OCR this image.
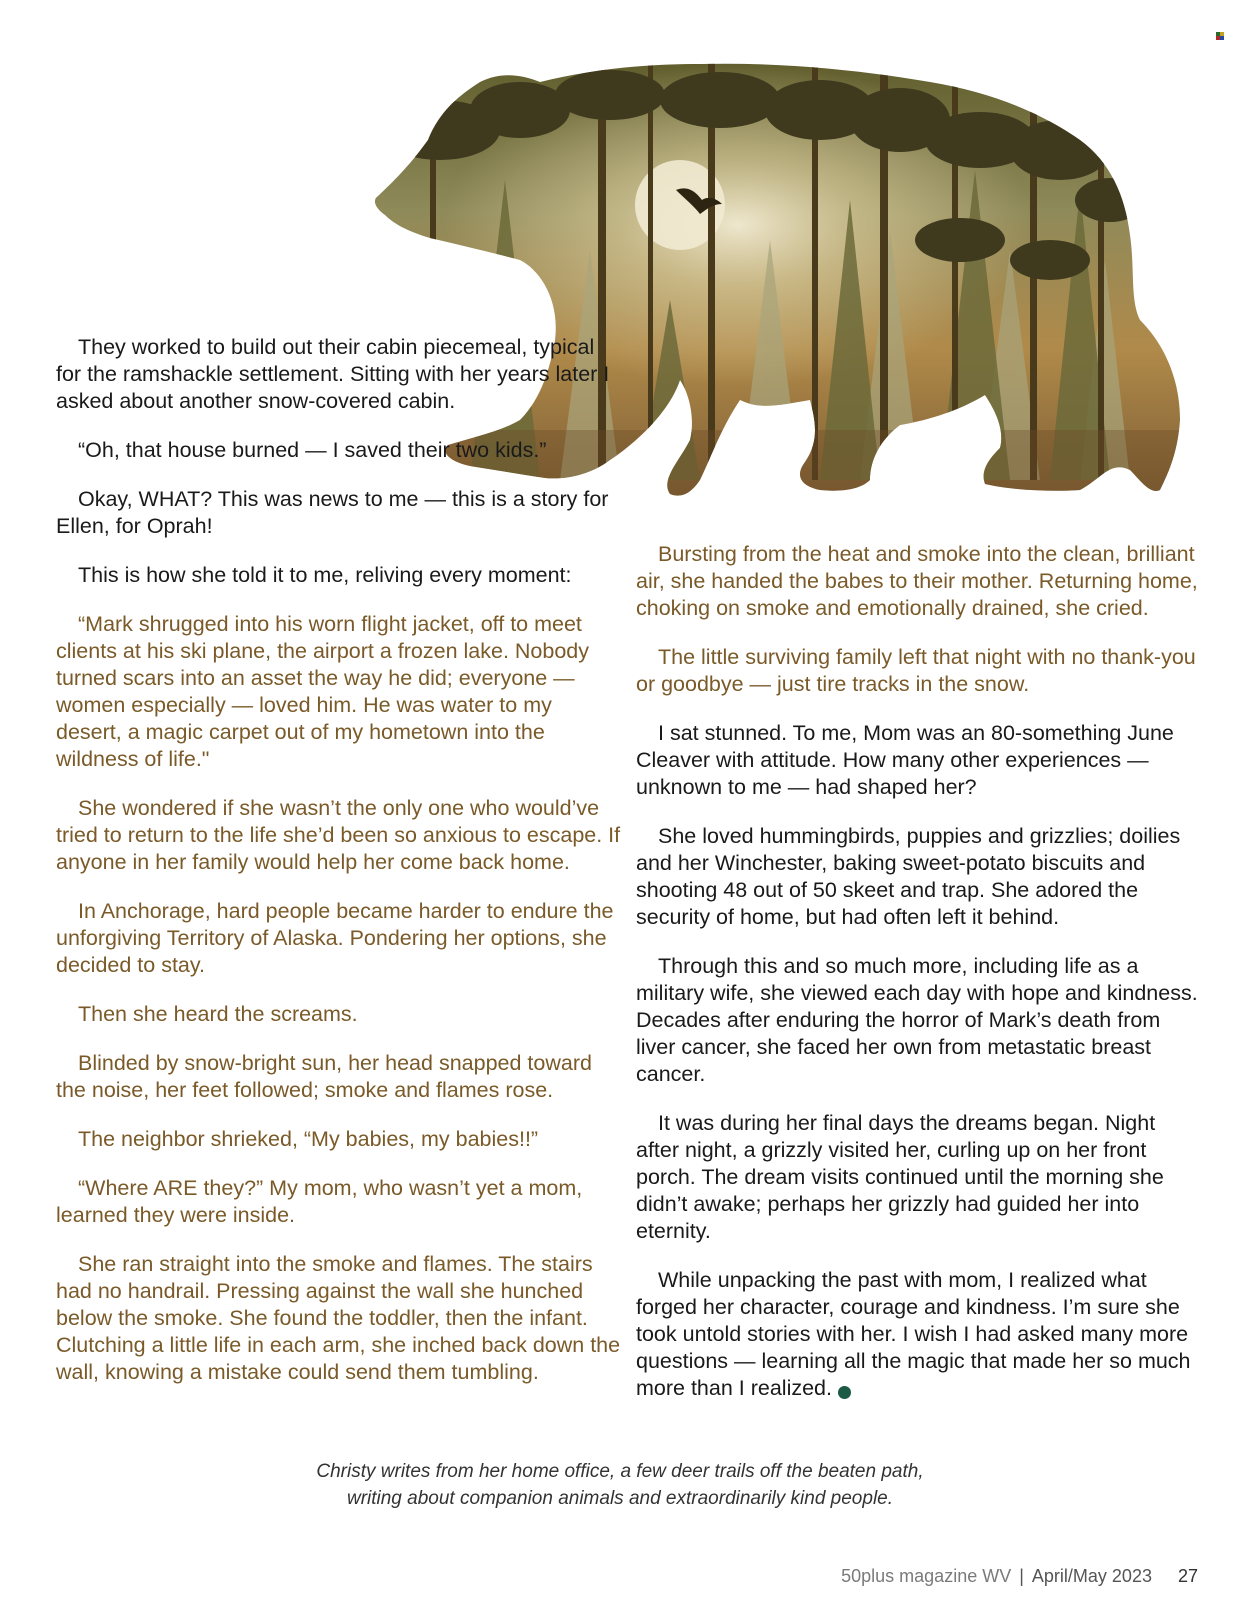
They worked to build out their cabin piecemeal, typical for the ramshackle settlement. Sitting with her years later I asked about another snow-covered cabin.

“Oh, that house burned — I saved their two kids.”

Okay, WHAT? This was news to me — this is a story for Ellen, for Oprah!

This is how she told it to me, reliving every moment:

“Mark shrugged into his worn flight jacket, off to meet clients at his ski plane, the airport a frozen lake. Nobody turned scars into an asset the way he did; everyone — women especially — loved him. He was water to my desert, a magic carpet out of my hometown into the wildness of life."

She wondered if she wasn’t the only one who would’ve tried to return to the life she’d been so anxious to escape. If anyone in her family would help her come back home.

In Anchorage, hard people became harder to endure the unforgiving Territory of Alaska. Pondering her options, she decided to stay.

Then she heard the screams.

Blinded by snow-bright sun, her head snapped toward the noise, her feet followed; smoke and flames rose.

The neighbor shrieked, “My babies, my babies!!”

“Where ARE they?” My mom, who wasn’t yet a mom, learned they were inside.

She ran straight into the smoke and flames. The stairs had no handrail. Pressing against the wall she hunched below the smoke. She found the toddler, then the infant. Clutching a little life in each arm, she inched back down the wall, knowing a mistake could send them tumbling.

Bursting from the heat and smoke into the clean, brilliant air, she handed the babes to their mother. Returning home, choking on smoke and emotionally drained, she cried.

The little surviving family left that night with no thank-you or goodbye — just tire tracks in the snow.

I sat stunned. To me, Mom was an 80-something June Cleaver with attitude. How many other experiences — unknown to me — had shaped her?

She loved hummingbirds, puppies and grizzlies; doilies and her Winchester, baking sweet-potato biscuits and shooting 48 out of 50 skeet and trap. She adored the security of home, but had often left it behind.

Through this and so much more, including life as a military wife, she viewed each day with hope and kindness. Decades after enduring the horror of Mark’s death from liver cancer, she faced her own from metastatic breast cancer.

It was during her final days the dreams began. Night after night, a grizzly visited her, curling up on her front porch. The dream visits continued until the morning she didn’t awake; perhaps her grizzly had guided her into eternity.

While unpacking the past with mom, I realized what forged her character, courage and kindness. I’m sure she took untold stories with her. I wish I had asked many more questions — learning all the magic that made her so much more than I realized.

Christy writes from her home office, a few deer trails off the beaten path,

writing about companion animals and extraordinarily kind people.

50plus magazine WV | April/May 2023 27
